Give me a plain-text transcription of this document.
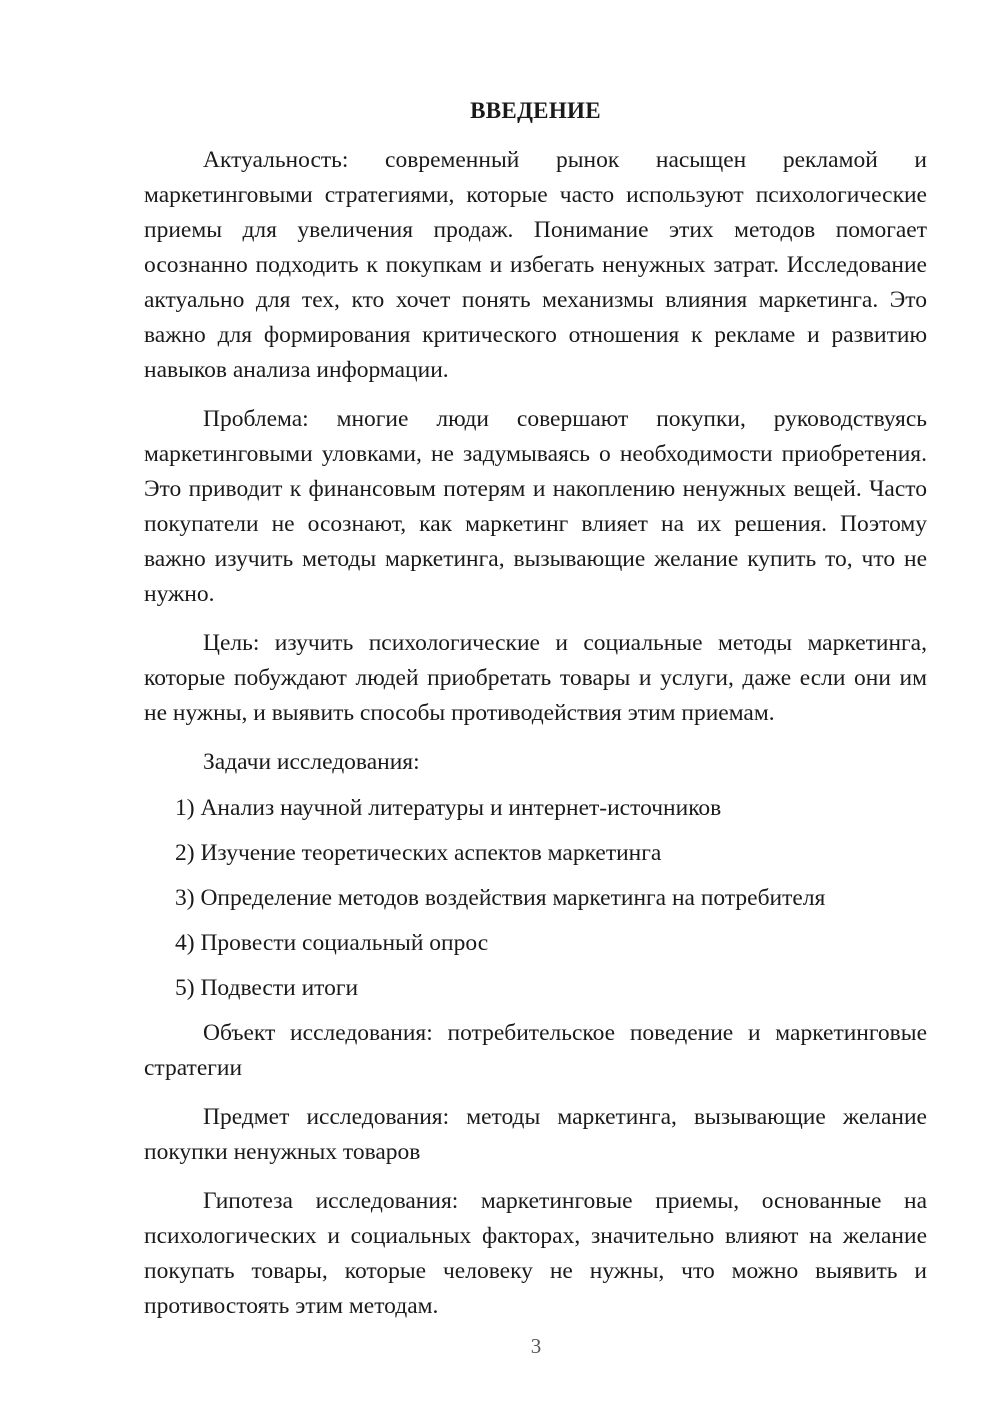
ВВЕДЕНИЕ

Актуальность: современный рынок насыщен рекламой и маркетинговыми стратегиями, которые часто используют психологические приемы для увеличения продаж. Понимание этих методов помогает осознанно подходить к покупкам и избегать ненужных затрат. Исследование актуально для тех, кто хочет понять механизмы влияния маркетинга. Это важно для формирования критического отношения к рекламе и развитию навыков анализа информации.

Проблема: многие люди совершают покупки, руководствуясь маркетинговыми уловками, не задумываясь о необходимости приобретения. Это приводит к финансовым потерям и накоплению ненужных вещей. Часто покупатели не осознают, как маркетинг влияет на их решения. Поэтому важно изучить методы маркетинга, вызывающие желание купить то, что не нужно.

Цель: изучить психологические и социальные методы маркетинга, которые побуждают людей приобретать товары и услуги, даже если они им не нужны, и выявить способы противодействия этим приемам.

Задачи исследования:

1) Анализ научной литературы и интернет-источников
2) Изучение теоретических аспектов маркетинга
3) Определение методов воздействия маркетинга на потребителя
4) Провести социальный опрос
5) Подвести итоги

Объект исследования: потребительское поведение и маркетинговые стратегии

Предмет исследования: методы маркетинга, вызывающие желание покупки ненужных товаров

Гипотеза исследования: маркетинговые приемы, основанные на психологических и социальных факторах, значительно влияют на желание покупать товары, которые человеку не нужны, что можно выявить и противостоять этим методам.

3
